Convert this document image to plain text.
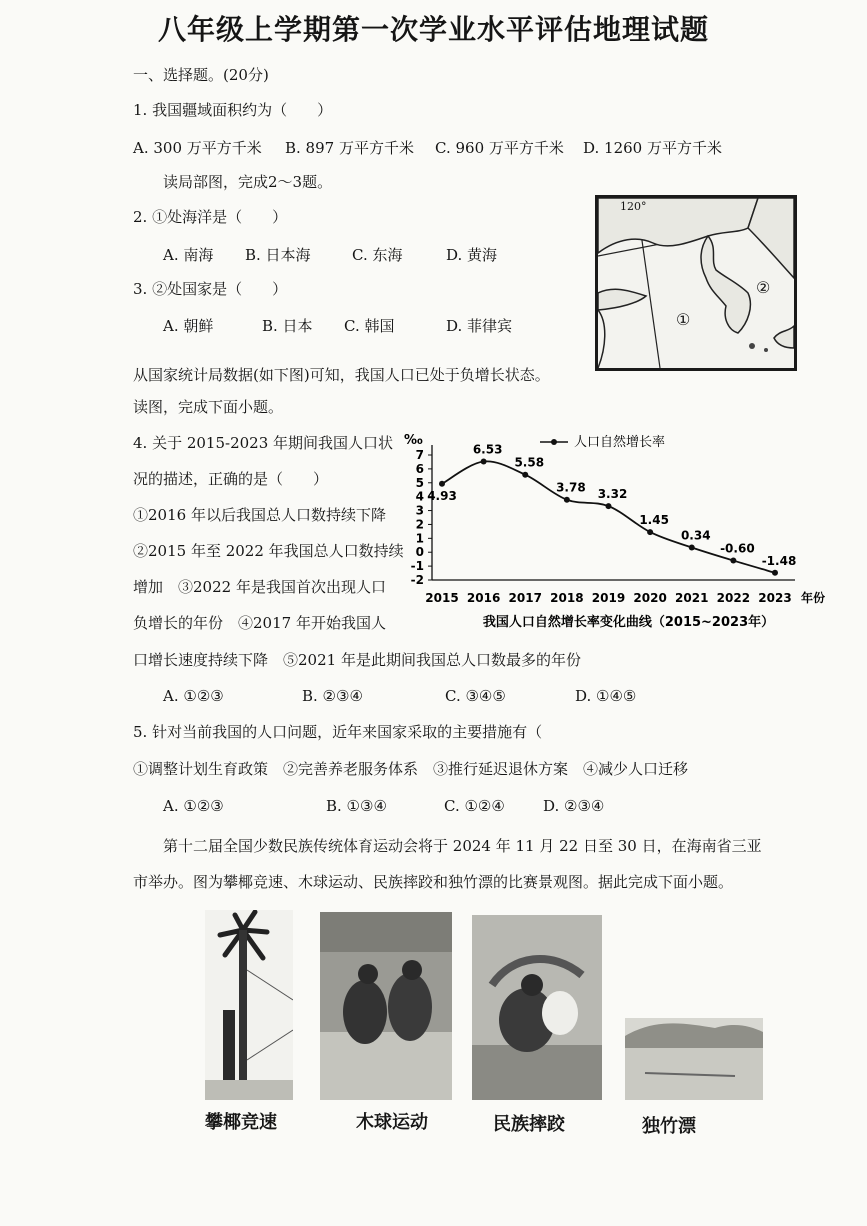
八年级上学期第一次学业水平评估地理试题
一、选择题。(20分)
1. 我国疆域面积约为（　　）
A. 300 万平方千米 B. 897 万平方千米 C. 960 万平方千米 D. 1260 万平方千米
读局部图，完成2～3题。
2. ①处海洋是（　　）
A. 南海 B. 日本海	C. 东海	D. 黄海
3. ②处国家是（　　）
A. 朝鲜	B. 日本 C. 韩国	D. 菲律宾
120°
①
②
从国家统计局数据(如下图)可知，我国人口已处于负增长状态。
读图，完成下面小题。
4. 关于 2015-2023 年期间我国人口状
况的描述，正确的是（　　）
①2016 年以后我国总人口数持续下降
②2015 年至 2022 年我国总人口数持续
增加　③2022 年是我国首次出现人口
负增长的年份　④2017 年开始我国人
口增长速度持续下降　⑤2021 年是此期间我国总人口数最多的年份
A. ①②③	B. ②③④	C. ③④⑤	D. ①④⑤
‰
7
6
5
4
3
2
1
0
-1
-2
2015 2016 2017 2018 2019 2020 2021 2022 2023 年份
4.93
6.53
5.58
3.78 3.32
1.45
0.34
-0.60
-1.48
人口自然增长率
我国人口自然增长率变化曲线（2015~2023年）
5. 针对当前我国的人口问题，近年来国家采取的主要措施有（
①调整计划生育政策　②完善养老服务体系　③推行延迟退休方案　④减少人口迁移
A. ①②③	B. ①③④	C. ①②④	D. ②③④
第十二届全国少数民族传统体育运动会将于 2024 年 11 月 22 日至 30 日，在海南省三亚
市举办。图为攀椰竞速、木球运动、民族摔跤和独竹漂的比赛景观图。据此完成下面小题。
攀椰竞速	木球运动	民族摔跤	独竹漂
